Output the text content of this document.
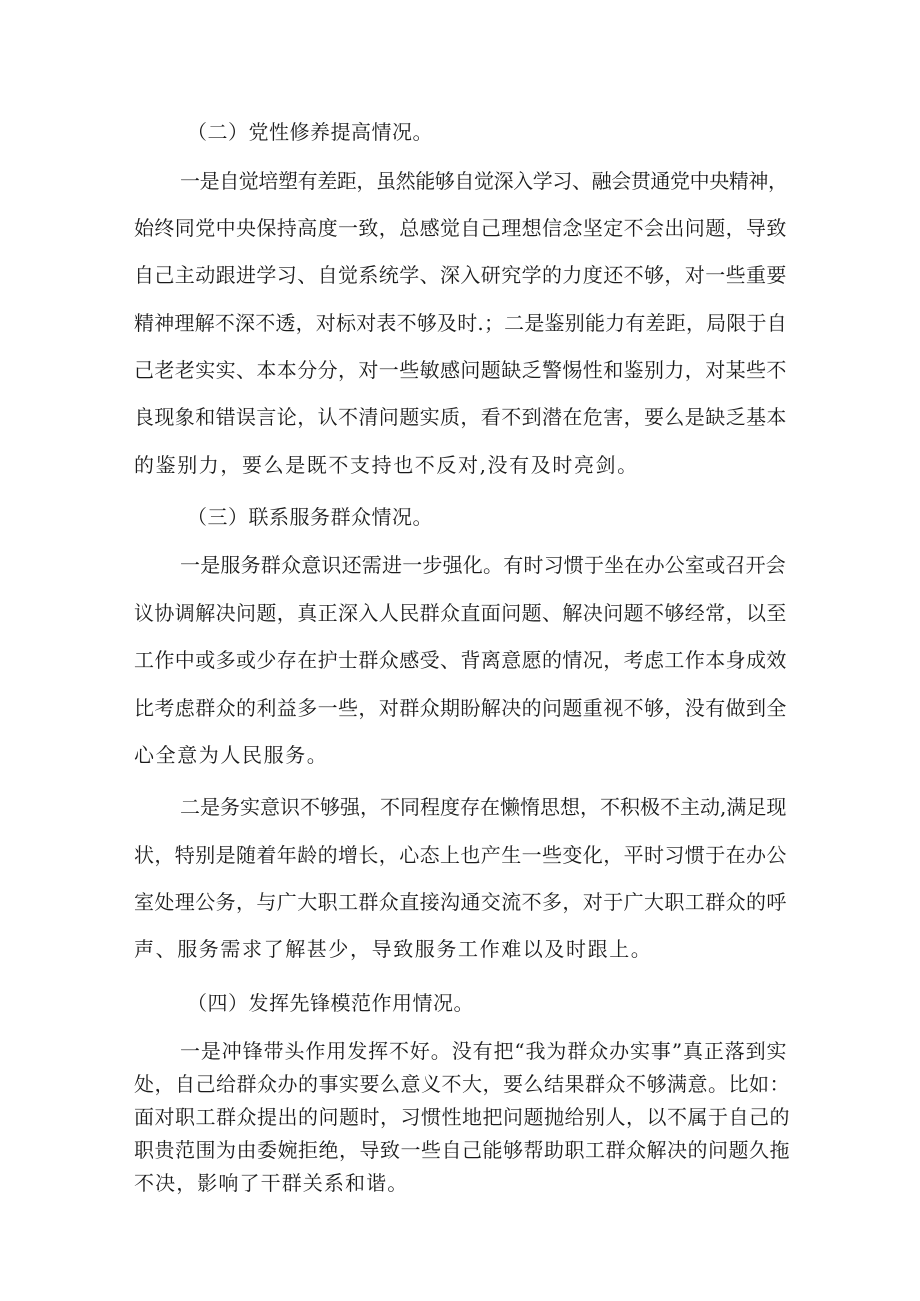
（二）党性修养提高情况。
一是自觉培塑有差距，虽然能够自觉深入学习、融会贯通党中央精神，
始终同党中央保持高度一致，总感觉自己理想信念坚定不会出问题，导致
自己主动跟进学习、自觉系统学、深入研究学的力度还不够，对一些重要
精神理解不深不透，对标对表不够及时.；二是鉴别能力有差距，局限于自
己老老实实、本本分分，对一些敏感问题缺乏警惕性和鉴别力，对某些不
良现象和错误言论，认不清问题实质，看不到潜在危害，要么是缺乏基本
的鉴别力，要么是既不支持也不反对,没有及时亮剑。
（三）联系服务群众情况。
一是服务群众意识还需进一步强化。有时习惯于坐在办公室或召开会
议协调解决问题，真正深入人民群众直面问题、解决问题不够经常，以至
工作中或多或少存在护士群众感受、背离意愿的情况，考虑工作本身成效
比考虑群众的利益多一些，对群众期盼解决的问题重视不够，没有做到全
心全意为人民服务。
二是务实意识不够强，不同程度存在懒惰思想，不积极不主动,满足现
状，特别是随着年龄的增长，心态上也产生一些变化，平时习惯于在办公
室处理公务，与广大职工群众直接沟通交流不多，对于广大职工群众的呼
声、服务需求了解甚少，导致服务工作难以及时跟上。
（四）发挥先锋模范作用情况。
一是冲锋带头作用发挥不好。没有把“我为群众办实事”真正落到实
处，自己给群众办的事实要么意义不大，要么结果群众不够满意。比如：
面对职工群众提出的问题时，习惯性地把问题抛给别人，以不属于自己的
职贵范围为由委婉拒绝，导致一些自己能够帮助职工群众解决的问题久拖
不决，影响了干群关系和谐。
